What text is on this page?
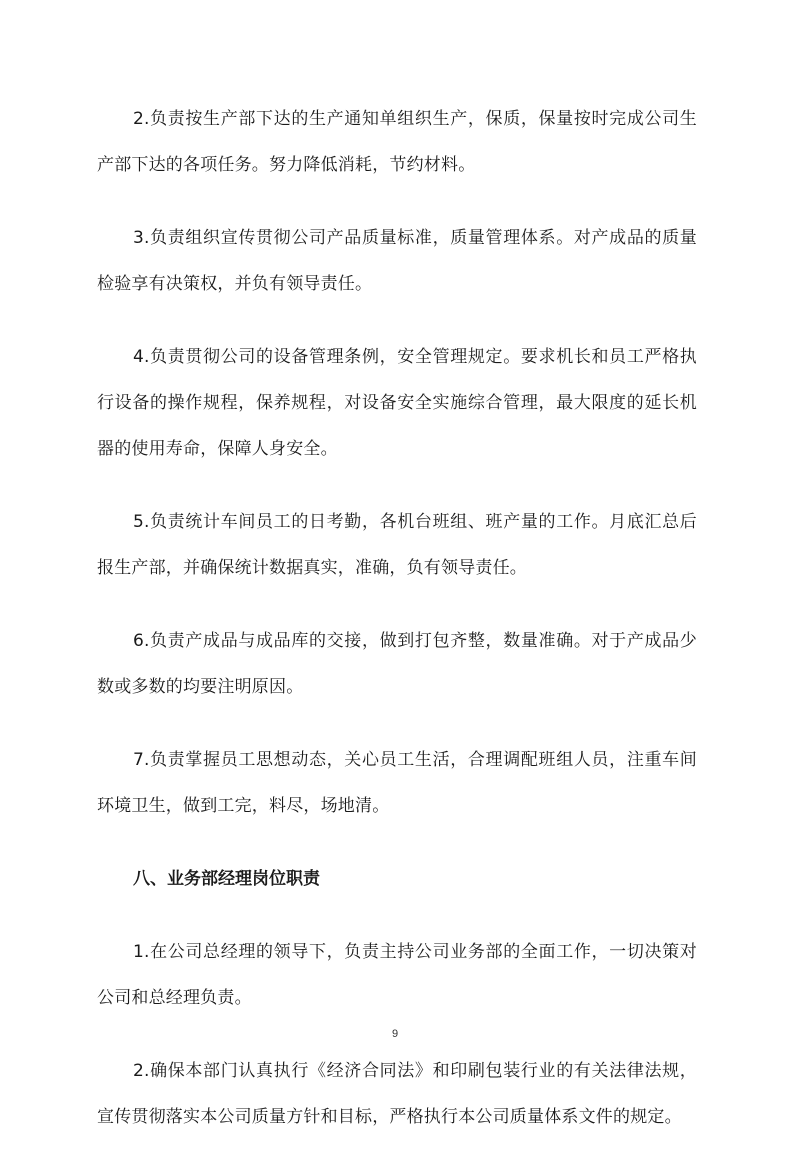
2.负责按生产部下达的生产通知单组织生产，保质，保量按时完成公司生产部下达的各项任务。努力降低消耗，节约材料。

3.负责组织宣传贯彻公司产品质量标准，质量管理体系。对产成品的质量检验享有决策权，并负有领导责任。

4.负责贯彻公司的设备管理条例，安全管理规定。要求机长和员工严格执行设备的操作规程，保养规程，对设备安全实施综合管理，最大限度的延长机器的使用寿命，保障人身安全。

5.负责统计车间员工的日考勤，各机台班组、班产量的工作。月底汇总后报生产部，并确保统计数据真实，准确，负有领导责任。

6.负责产成品与成品库的交接，做到打包齐整，数量准确。对于产成品少数或多数的均要注明原因。

7.负责掌握员工思想动态，关心员工生活，合理调配班组人员，注重车间环境卫生，做到工完，料尽，场地清。

八、业务部经理岗位职责

1.在公司总经理的领导下，负责主持公司业务部的全面工作，一切决策对公司和总经理负责。

2.确保本部门认真执行《经济合同法》和印刷包装行业的有关法律法规，宣传贯彻落实本公司质量方针和目标，严格执行本公司质量体系文件的规定。

9
